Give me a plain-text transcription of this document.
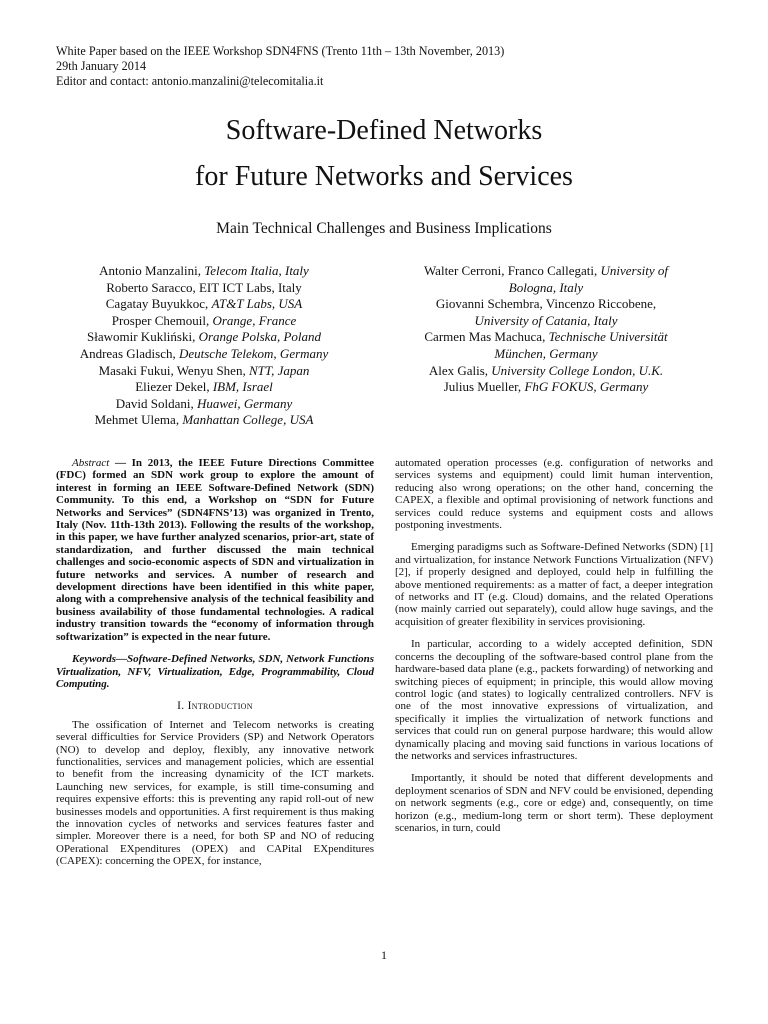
White Paper based on the IEEE Workshop SDN4FNS (Trento 11th – 13th November, 2013)
29th January 2014
Editor and contact: antonio.manzalini@telecomitalia.it
Software-Defined Networks
for Future Networks and Services
Main Technical Challenges and Business Implications
Antonio Manzalini, Telecom Italia, Italy
Roberto Saracco, EIT ICT Labs, Italy
Cagatay Buyukkoc, AT&T Labs, USA
Prosper Chemouil, Orange, France
Sławomir Kukliński, Orange Polska, Poland
Andreas Gladisch, Deutsche Telekom, Germany
Masaki Fukui, Wenyu Shen, NTT, Japan
Eliezer Dekel, IBM, Israel
David Soldani, Huawei, Germany
Mehmet Ulema, Manhattan College, USA
Walter Cerroni, Franco Callegati, University of
Bologna, Italy
Giovanni Schembra, Vincenzo Riccobene,
University of Catania, Italy
Carmen Mas Machuca, Technische Universität
München, Germany
Alex Galis, University College London, U.K.
Julius Mueller, FhG FOKUS, Germany

Abstract — In 2013, the IEEE Future Directions Committee (FDC) formed an SDN work group to explore the amount of interest in forming an IEEE Software-Defined Network (SDN) Community. To this end, a Workshop on “SDN for Future Networks and Services” (SDN4FNS’13) was organized in Trento, Italy (Nov. 11th-13th 2013). Following the results of the workshop, in this paper, we have further analyzed scenarios, prior-art, state of standardization, and further discussed the main technical challenges and socio-economic aspects of SDN and virtualization in future networks and services. A number of research and development directions have been identified in this white paper, along with a comprehensive analysis of the technical feasibility and business availability of those fundamental technologies. A radical industry transition towards the “economy of information through softwarization” is expected in the near future.

Keywords—Software-Defined Networks, SDN, Network Functions Virtualization, NFV, Virtualization, Edge, Programmability, Cloud Computing.

I. Introduction

The ossification of Internet and Telecom networks is creating several difficulties for Service Providers (SP) and Network Operators (NO) to develop and deploy, flexibly, any innovative network functionalities, services and management policies, which are essential to benefit from the increasing dynamicity of the ICT markets. Launching new services, for example, is still time-consuming and requires expensive efforts: this is preventing any rapid roll-out of new businesses models and opportunities. A first requirement is thus making the innovation cycles of networks and services features faster and simpler. Moreover there is a need, for both SP and NO of reducing OPerational EXpenditures (OPEX) and CAPital EXpenditures (CAPEX): concerning the OPEX, for instance,

automated operation processes (e.g. configuration of networks and services systems and equipment) could limit human intervention, reducing also wrong operations; on the other hand, concerning the CAPEX, a flexible and optimal provisioning of network functions and services could reduce systems and equipment costs and allows postponing investments.

Emerging paradigms such as Software-Defined Networks (SDN) [1] and virtualization, for instance Network Functions Virtualization (NFV) [2], if properly designed and deployed, could help in fulfilling the above mentioned requirements: as a matter of fact, a deeper integration of networks and IT (e.g. Cloud) domains, and the related Operations (now mainly carried out separately), could allow huge savings, and the acquisition of greater flexibility in services provisioning.

In particular, according to a widely accepted definition, SDN concerns the decoupling of the software-based control plane from the hardware-based data plane (e.g., packets forwarding) of networking and switching pieces of equipment; in principle, this would allow moving control logic (and states) to logically centralized controllers. NFV is one of the most innovative expressions of virtualization, and specifically it implies the virtualization of network functions and services that could run on general purpose hardware; this would allow dynamically placing and moving said functions in various locations of the networks and services infrastructures.

Importantly, it should be noted that different developments and deployment scenarios of SDN and NFV could be envisioned, depending on network segments (e.g., core or edge) and, consequently, on time horizon (e.g., medium-long term or short term). These deployment scenarios, in turn, could

1
